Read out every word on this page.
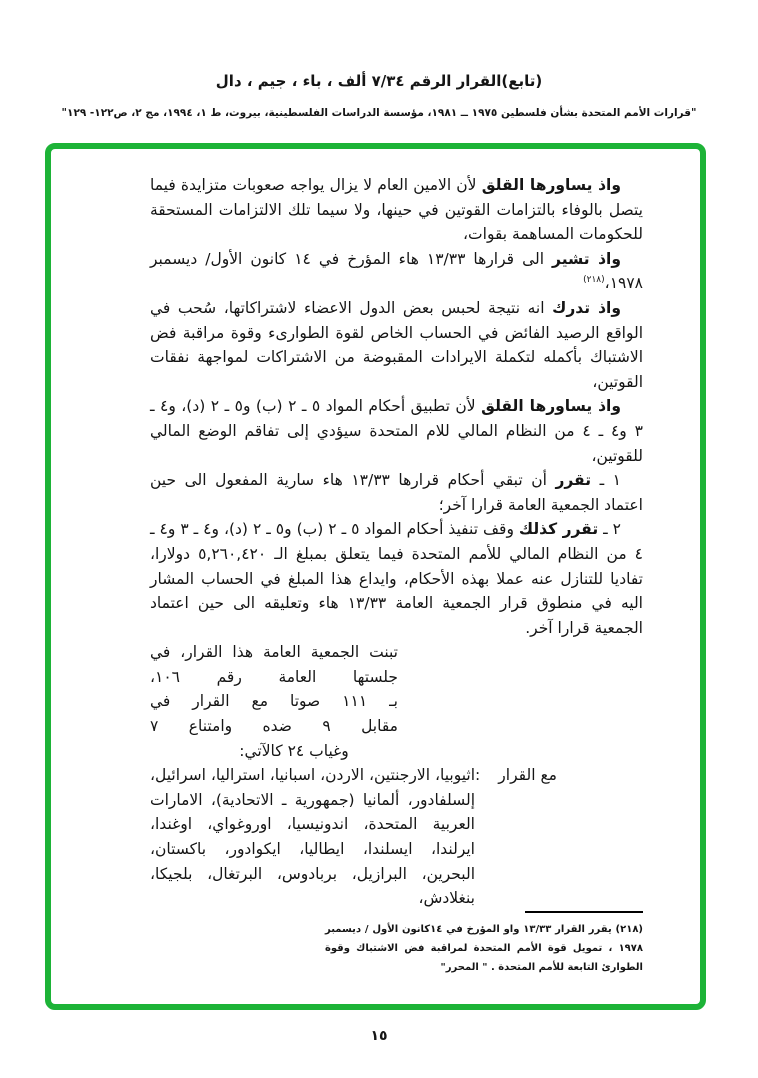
(تابع)القرار الرقم ٧/٣٤ ألف ، باء ، جيم ، دال
"قرارات الأمم المتحدة بشأن فلسطين ١٩٧٥ ــ ١٩٨١، مؤسسة الدراسات الفلسطينية، بيروت، ط ١، ١٩٩٤، مج ٢، ص١٢٢- ١٢٩"

واذ يساورها القلق لأن الامين العام لا يزال يواجه صعوبات متزايدة فيما يتصل بالوفاء بالتزامات القوتين في حينها، ولا سيما تلك الالتزامات المستحقة للحكومات المساهمة بقوات،

واذ تشير الى قرارها ١٣/٣٣ هاء المؤرخ في ١٤ كانون الأول/ ديسمبر ١٩٧٨،$^{(٢١٨)}$

واذ تدرك انه نتيجة لحبس بعض الدول الاعضاء لاشتراكاتها، سُحب في الواقع الرصيد الفائض في الحساب الخاص لقوة الطوارىء وقوة مراقبة فض الاشتباك بأكمله لتكملة الايرادات المقبوضة من الاشتراكات لمواجهة نفقات القوتين،

واذ يساورها القلق لأن تطبيق أحكام المواد ٥ ـ ٢ (ب) و٥ ـ ٢ (د)، و٤ ـ ٣ و٤ ـ ٤ من النظام المالي للام المتحدة سيؤدي إلى تفاقم الوضع المالي للقوتين،

١ ـ تقرر أن تبقي أحكام قرارها ١٣/٣٣ هاء سارية المفعول الى حين اعتماد الجمعية العامة قرارا آخر؛

٢ ـ تقرر كذلك وقف تنفيذ أحكام المواد ٥ ـ ٢ (ب) و٥ ـ ٢ (د)، و٤ ـ ٣ و٤ ـ ٤ من النظام المالي للأمم المتحدة فيما يتعلق بمبلغ الـ ٥,٢٦٠,٤٢٠ دولارا، تفاديا للتنازل عنه عملا بهذه الأحكام، وايداع هذا المبلغ في الحساب المشار اليه في منطوق قرار الجمعية العامة ١٣/٣٣ هاء وتعليقه الى حين اعتماد الجمعية قرارا آخر.

تبنت الجمعية العامة هذا القرار، في
جلستها العامة رقم ١٠٦،
بـ ١١١ صوتا مع القرار في
مقابل ٩ ضده وامتناع ٧
وغياب ٢٤ كالآتي:
مع القرار
:
اثيوبيا، الارجنتين، الاردن، اسبانيا، استراليا، اسرائيل، إلسلفادور، ألمانيا (جمهورية ـ الاتحادية)، الامارات العربية المتحدة، اندونيسيا، اوروغواي، اوغندا، ايرلندا، ايسلندا، ايطاليا، ايكوادور، باكستان، البحرين، البرازيل، بربادوس، البرتغال، بلجيكا، بنغلادش،

(٢١٨) يقرر القرار ١٣/٣٣ واو المؤرخ في ١٤كانون الأول / ديسمبر ١٩٧٨ ، تمويل قوة الأمم المتحدة لمراقبة فض الاشتباك وقوة الطوارئ التابعة للأمم المتحدة . " المحرر"

١٥
